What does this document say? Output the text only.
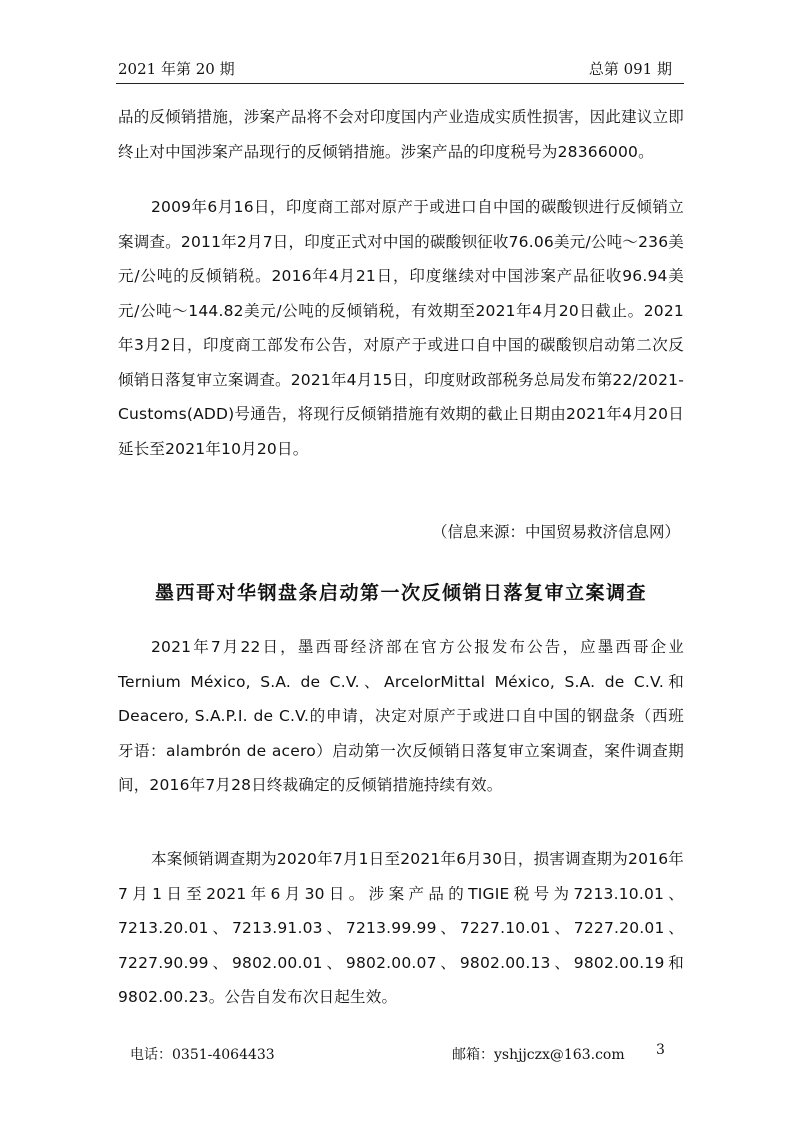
2021 年第 20 期	总第 091 期

品的反倾销措施，涉案产品将不会对印度国内产业造成实质性损害，因此建议立即终止对中国涉案产品现行的反倾销措施。涉案产品的印度税号为28366000。

2009年6月16日，印度商工部对原产于或进口自中国的碳酸钡进行反倾销立案调查。2011年2月7日，印度正式对中国的碳酸钡征收76.06美元/公吨～236美元/公吨的反倾销税。2016年4月21日，印度继续对中国涉案产品征收96.94美元/公吨～144.82美元/公吨的反倾销税，有效期至2021年4月20日截止。2021年3月2日，印度商工部发布公告，对原产于或进口自中国的碳酸钡启动第二次反倾销日落复审立案调查。2021年4月15日，印度财政部税务总局发布第22/2021-Customs(ADD)号通告，将现行反倾销措施有效期的截止日期由2021年4月20日延长至2021年10月20日。

（信息来源：中国贸易救济信息网）
墨西哥对华钢盘条启动第一次反倾销日落复审立案调查

2021年7月22日，墨西哥经济部在官方公报发布公告，应墨西哥企业Ternium México, S.A. de C.V.、ArcelorMittal México, S.A. de C.V.和Deacero, S.A.P.I. de C.V.的申请，决定对原产于或进口自中国的钢盘条（西班牙语：alambrón de acero）启动第一次反倾销日落复审立案调查，案件调查期间，2016年7月28日终裁确定的反倾销措施持续有效。

本案倾销调查期为2020年7月1日至2021年6月30日，损害调查期为2016年7月1日至2021年6月30日。涉案产品的TIGIE税号为7213.10.01、7213.20.01、7213.91.03、7213.99.99、7227.10.01、7227.20.01、7227.90.99、9802.00.01、9802.00.07、9802.00.13、9802.00.19和9802.00.23。公告自发布次日起生效。

电话：0351-4064433	邮箱：yshjjczx@163.com 3
